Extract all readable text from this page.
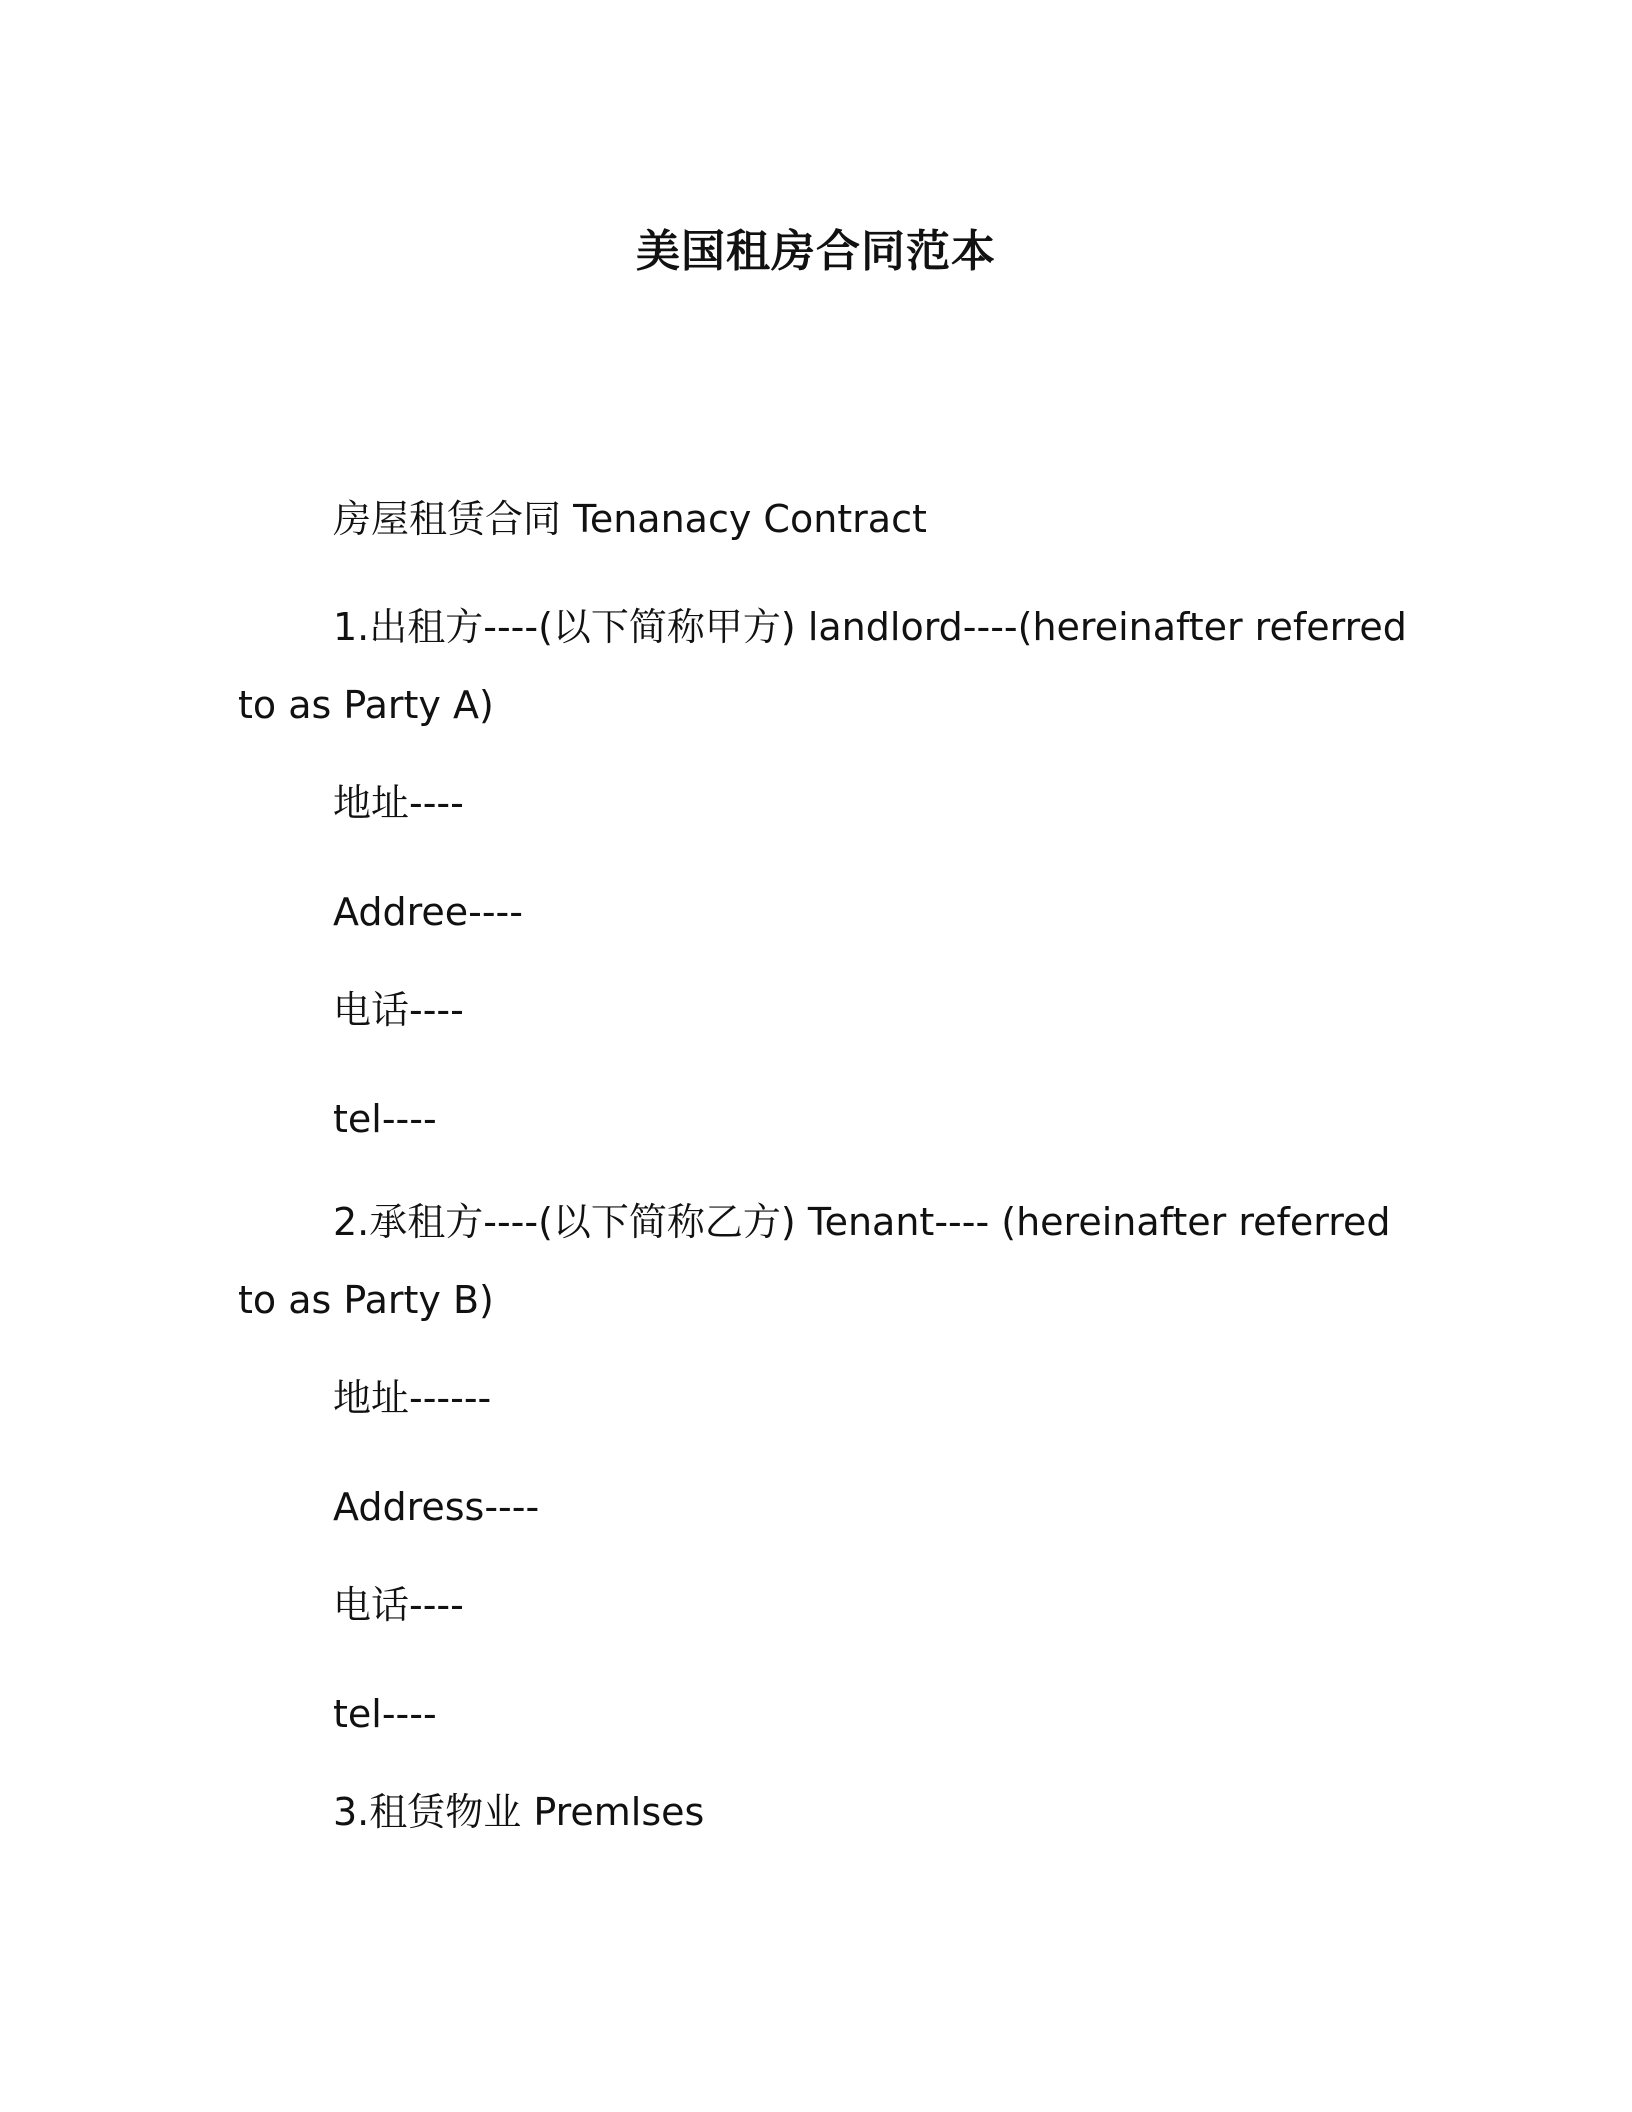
美国租房合同范本

房屋租赁合同 Tenanacy Contract

1.出租方----(以下简称甲方) landlord----(hereinafter referred

to as Party A)

地址----

Addree----

电话----

tel----

2.承租方----(以下简称乙方) Tenant---- (hereinafter referred

to as Party B)

地址------

Address----

电话----

tel----

3.租赁物业 Premlses
